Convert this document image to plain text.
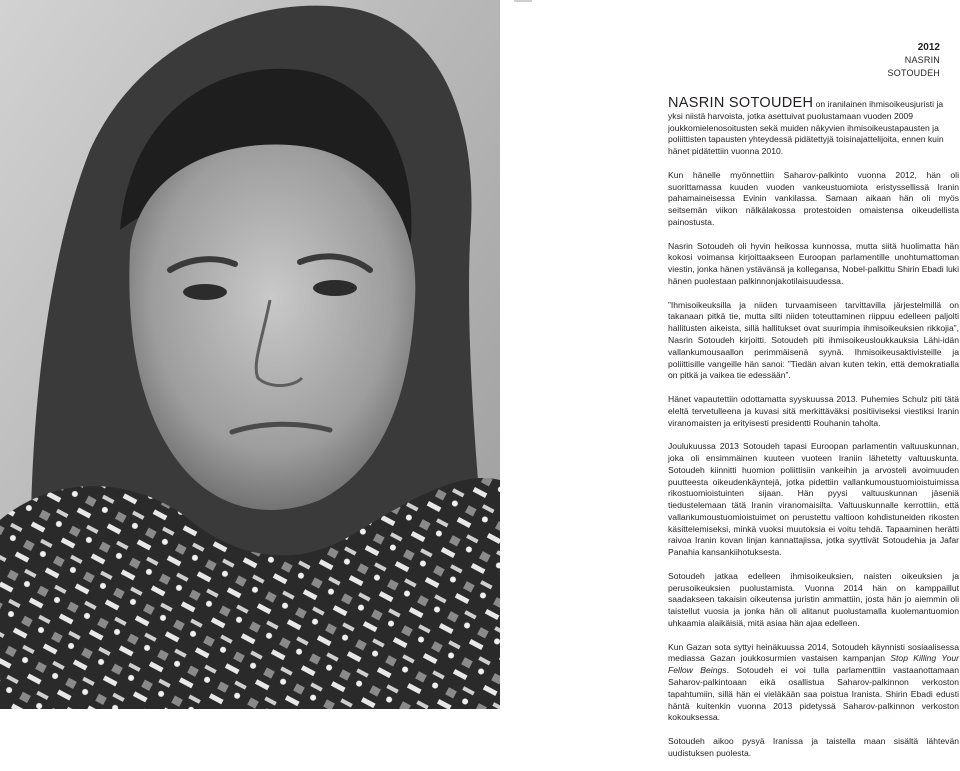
2012
NASRIN
SOTOUDEH

NASRIN SOTOUDEH on iranilainen ihmisoikeusjuristi ja yksi niistä harvoista, jotka asettuivat puolustamaan vuoden 2009 joukkomielenosoitusten sekä muiden näkyvien ihmisoikeustapausten ja poliittisten tapausten yhteydessä pidätettyjä toisinajattelijoita, ennen kuin hänet pidätettiin vuonna 2010.

Kun hänelle myönnettiin Saharov-palkinto vuonna 2012, hän oli suorittamassa kuuden vuoden vankeustuomiota eristyssellissä Iranin pahamaineisessa Evinin vankilassa. Samaan aikaan hän oli myös seitsemän viikon nälkälakossa protestoiden omaistensa oikeudellista painostusta.

Nasrin Sotoudeh oli hyvin heikossa kunnossa, mutta siitä huolimatta hän kokosi voimansa kirjoittaakseen Euroopan parlamentille unohtumattoman viestin, jonka hänen ystävänsä ja kollegansa, Nobel-palkittu Shirin Ebadi luki hänen puolestaan palkinnonjakotilaisuudessa.

”Ihmisoikeuksilla ja niiden turvaamiseen tarvittavilla järjestelmillä on takanaan pitkä tie, mutta silti niiden toteuttaminen riippuu edelleen paljolti hallitusten aikeista, sillä hallitukset ovat suurimpia ihmisoikeuksien rikkojia”, Nasrin Sotoudeh kirjoitti. Sotoudeh piti ihmisoikeusloukkauksia Lähi-idän vallankumousaallon perimmäisenä syynä. Ihmisoikeusaktivisteille ja poliittisille vangeille hän sanoi: ”Tiedän aivan kuten tekin, että demokratialla on pitkä ja vaikea tie edessään”.

Hänet vapautettiin odottamatta syyskuussa 2013. Puhemies Schulz piti tätä eleltä tervetulleena ja kuvasi sitä merkittäväksi positiiviseksi viestiksi Iranin viranomaisten ja erityisesti presidentti Rouhanin taholta.

Joulukuussa 2013 Sotoudeh tapasi Euroopan parlamentin valtuuskunnan, joka oli ensimmäinen kuuteen vuoteen Iraniin lähetetty valtuuskunta. Sotoudeh kiinnitti huomion poliittisiin vankeihin ja arvosteli avoimuuden puutteesta oikeudenkäyntejä, jotka pidettiin vallankumoustuomioistuimissa rikostuomioistuinten sijaan. Hän pyysi valtuuskunnan jäseniä tiedustelemaan tätä Iranin viranomaisilta. Valtuuskunnalle kerrottiin, että vallankumoustuomioistuimet on perustettu valtioon kohdistuneiden rikosten käsittelemiseksi, minkä vuoksi muutoksia ei voitu tehdä. Tapaaminen herätti raivoa Iranin kovan linjan kannattajissa, jotka syyttivät Sotoudehia ja Jafar Panahia kansankiihotuksesta.

Sotoudeh jatkaa edelleen ihmisoikeuksien, naisten oikeuksien ja perusoikeuksien puolustamista. Vuonna 2014 hän on kamppaillut saadakseen takaisin oikeutensa juristin ammattiin, josta hän jo aiemmin oli taistellut vuosia ja jonka hän oli alitanut puolustamalla kuolemantuomion uhkaamia alaikäisiä, mitä asiaa hän ajaa edelleen.

Kun Gazan sota syttyi heinäkuussa 2014, Sotoudeh käynnisti sosiaalisessa mediassa Gazan joukkosurmien vastaisen kampanjan Stop Killing Your Fellow Beings. Sotoudeh ei voi tulla parlamenttiin vastaanottamaan Saharov-palkintoaan eikä osallistua Saharov-palkinnon verkoston tapahtumiin, sillä hän ei vieläkään saa poistua Iranista. Shirin Ebadi edusti häntä kuitenkin vuonna 2013 pidetyssä Saharov-palkinnon verkoston kokouksessa.

Sotoudeh aikoo pysyä Iranissa ja taistella maan sisältä lähtevän uudistuksen puolesta.
